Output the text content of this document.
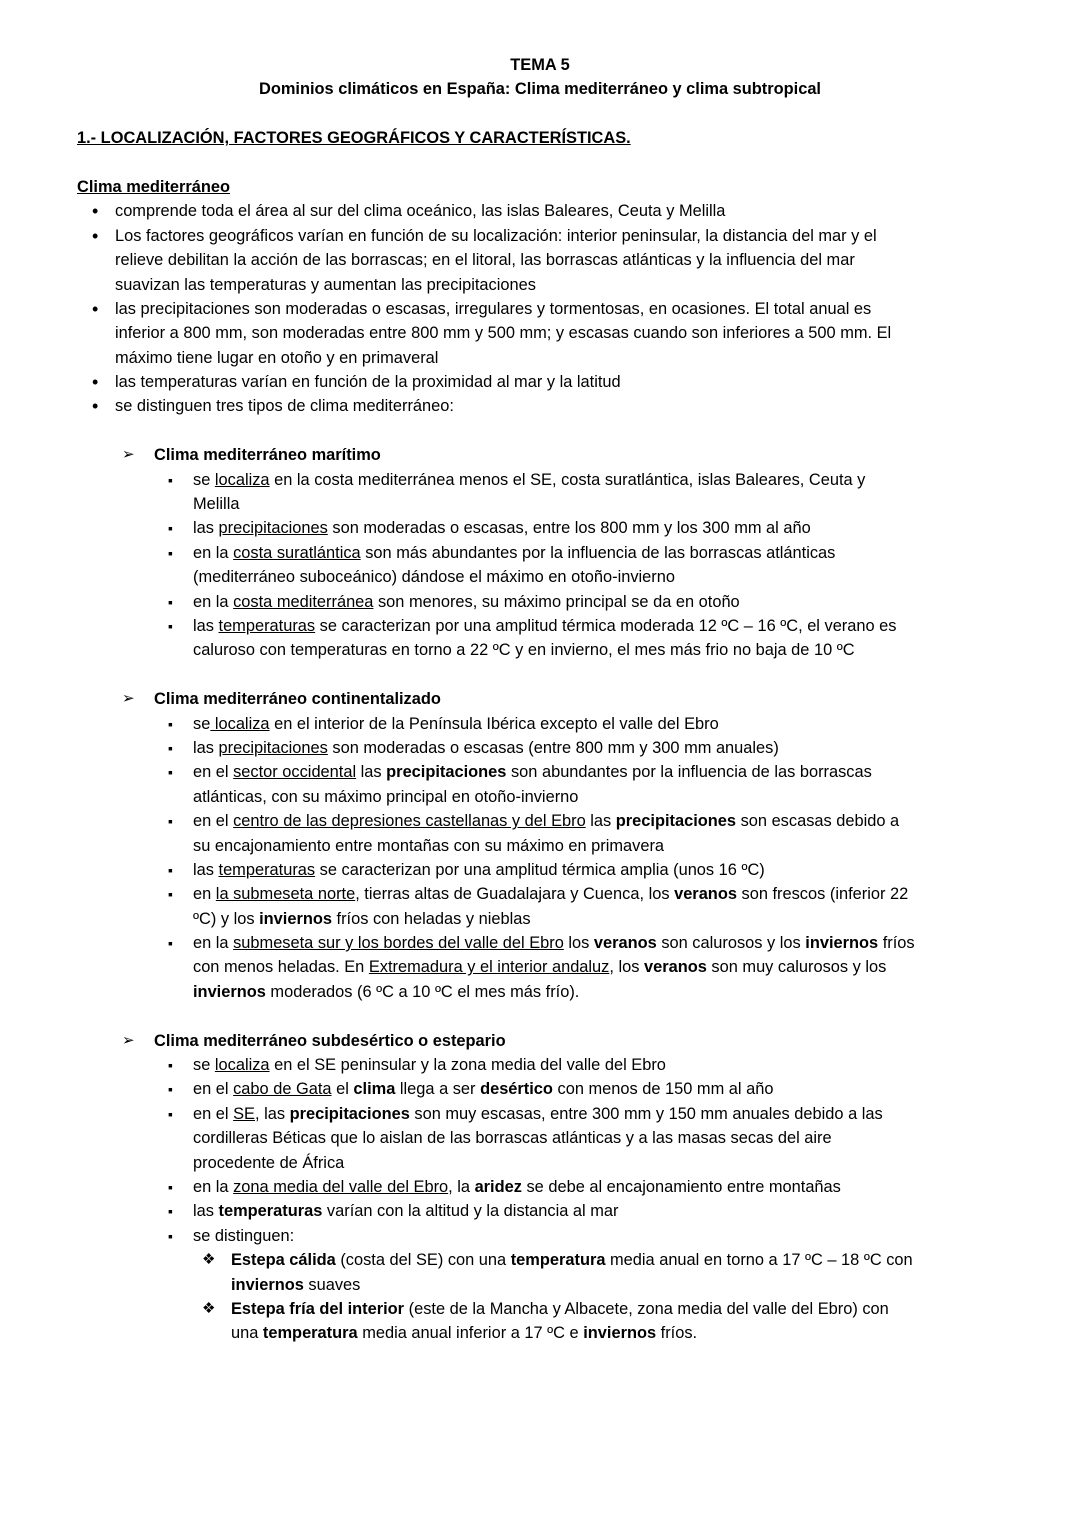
TEMA 5
Dominios climáticos en España: Clima mediterráneo y clima subtropical
1.- LOCALIZACIÓN, FACTORES GEOGRÁFICOS Y CARACTERÍSTICAS.
Clima mediterráneo
• comprende toda el área al sur del clima oceánico, las islas Baleares, Ceuta y Melilla
• Los factores geográficos varían en función de su localización: interior peninsular, la distancia del mar y el
relieve debilitan la acción de las borrascas; en el litoral, las borrascas atlánticas y la influencia del mar
suavizan las temperaturas y aumentan las precipitaciones
• las precipitaciones son moderadas o escasas, irregulares y tormentosas, en ocasiones. El total anual es
inferior a 800 mm, son moderadas entre 800 mm y 500 mm; y escasas cuando son inferiores a 500 mm. El
máximo tiene lugar en otoño y en primaveral
• las temperaturas varían en función de la proximidad al mar y la latitud
• se distinguen tres tipos de clima mediterráneo:
➢ Clima mediterráneo marítimo
▪ se localiza en la costa mediterránea menos el SE, costa suratlántica, islas Baleares, Ceuta y
Melilla
▪ las precipitaciones son moderadas o escasas, entre los 800 mm y los 300 mm al año
▪ en la costa suratlántica son más abundantes por la influencia de las borrascas atlánticas
(mediterráneo suboceánico) dándose el máximo en otoño-invierno
▪ en la costa mediterránea son menores, su máximo principal se da en otoño
▪ las temperaturas se caracterizan por una amplitud térmica moderada 12 ºC – 16 ºC, el verano es
caluroso con temperaturas en torno a 22 ºC y en invierno, el mes más frio no baja de 10 ºC
➢ Clima mediterráneo continentalizado
▪ se localiza en el interior de la Península Ibérica excepto el valle del Ebro
▪ las precipitaciones son moderadas o escasas (entre 800 mm y 300 mm anuales)
▪ en el sector occidental las precipitaciones son abundantes por la influencia de las borrascas
atlánticas, con su máximo principal en otoño-invierno
▪ en el centro de las depresiones castellanas y del Ebro las precipitaciones son escasas debido a
su encajonamiento entre montañas con su máximo en primavera
▪ las temperaturas se caracterizan por una amplitud térmica amplia (unos 16 ºC)
▪ en la submeseta norte, tierras altas de Guadalajara y Cuenca, los veranos son frescos (inferior 22
ºC) y los inviernos fríos con heladas y nieblas
▪ en la submeseta sur y los bordes del valle del Ebro los veranos son calurosos y los inviernos fríos
con menos heladas. En Extremadura y el interior andaluz, los veranos son muy calurosos y los
inviernos moderados (6 ºC a 10 ºC el mes más frío).
➢ Clima mediterráneo subdesértico o estepario
▪ se localiza en el SE peninsular y la zona media del valle del Ebro
▪ en el cabo de Gata el clima llega a ser desértico con menos de 150 mm al año
▪ en el SE, las precipitaciones son muy escasas, entre 300 mm y 150 mm anuales debido a las
cordilleras Béticas que lo aislan de las borrascas atlánticas y a las masas secas del aire
procedente de África
▪ en la zona media del valle del Ebro, la aridez se debe al encajonamiento entre montañas
▪ las temperaturas varían con la altitud y la distancia al mar
▪ se distinguen:
❖ Estepa cálida (costa del SE) con una temperatura media anual en torno a 17 ºC – 18 ºC con
inviernos suaves
❖ Estepa fría del interior (este de la Mancha y Albacete, zona media del valle del Ebro) con
una temperatura media anual inferior a 17 ºC e inviernos fríos.
